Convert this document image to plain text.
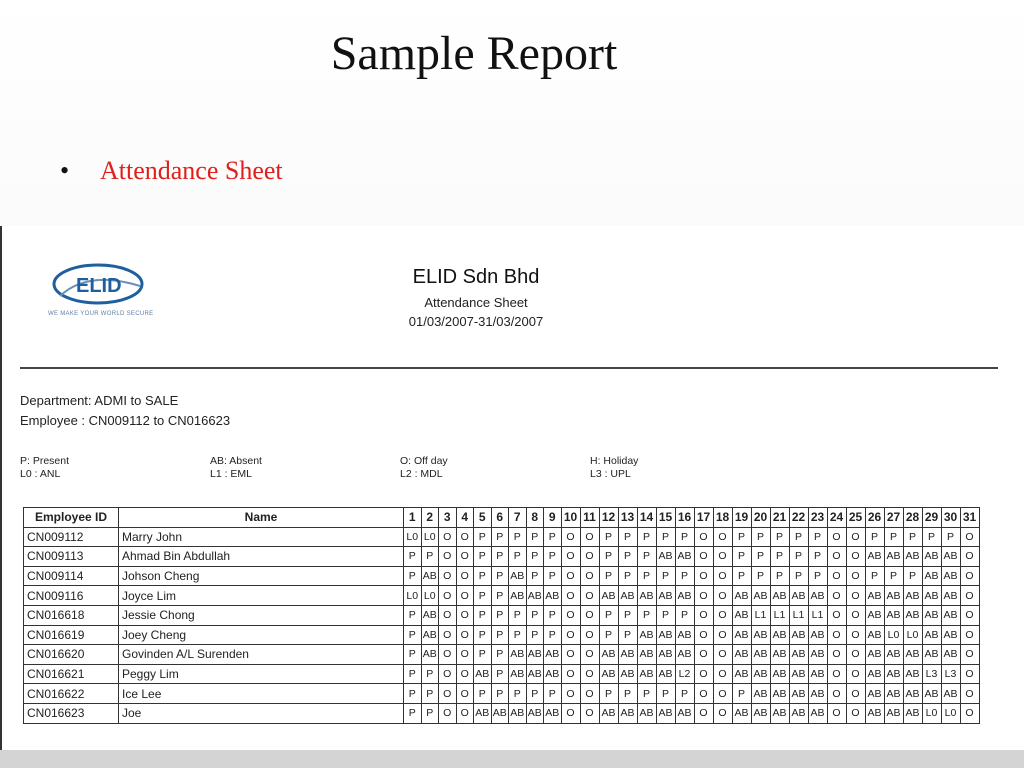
Sample Report
• Attendance Sheet
ELID
WE MAKE YOUR WORLD SECURE
ELID Sdn Bhd
Attendance Sheet
01/03/2007-31/03/2007
Department: ADMI to SALE
Employee : CN009112 to CN016623
P: Present
L0 : ANL
AB: Absent
L1 : EML
O: Off day
L2 : MDL
H: Holiday
L3 : UPL
Employee ID	Name	1	2	3	4	5	6	7	8	9	10	11	12	13	14	15	16	17	18	19	20	21	22	23	24	25	26	27	28	29	30	31
CN009112	Marry John	L0	L0	O	O	P	P	P	P	P	O	O	P	P	P	P	P	O	O	P	P	P	P	P	O	O	P	P	P	P	P	O
CN009113	Ahmad Bin Abdullah	P	P	O	O	P	P	P	P	P	O	O	P	P	P	AB	AB	O	O	P	P	P	P	P	O	O	AB	AB	AB	AB	AB	O
CN009114	Johson Cheng	P	AB	O	O	P	P	AB	P	P	O	O	P	P	P	P	P	O	O	P	P	P	P	P	O	O	P	P	P	AB	AB	O
CN009116	Joyce Lim	L0	L0	O	O	P	P	AB	AB	AB	O	O	AB	AB	AB	AB	AB	O	O	AB	AB	AB	AB	AB	O	O	AB	AB	AB	AB	AB	O
CN016618	Jessie Chong	P	AB	O	O	P	P	P	P	P	O	O	P	P	P	P	P	O	O	AB	L1	L1	L1	L1	O	O	AB	AB	AB	AB	AB	O
CN016619	Joey Cheng	P	AB	O	O	P	P	P	P	P	O	O	P	P	AB	AB	AB	O	O	AB	AB	AB	AB	AB	O	O	AB	L0	L0	AB	AB	O
CN016620	Govinden A/L Surenden	P	AB	O	O	P	P	AB	AB	AB	O	O	AB	AB	AB	AB	AB	O	O	AB	AB	AB	AB	AB	O	O	AB	AB	AB	AB	AB	O
CN016621	Peggy Lim	P	P	O	O	AB	P	AB	AB	AB	O	O	AB	AB	AB	AB	L2	O	O	AB	AB	AB	AB	AB	O	O	AB	AB	AB	L3	L3	O
CN016622	Ice Lee	P	P	O	O	P	P	P	P	P	O	O	P	P	P	P	P	O	O	P	AB	AB	AB	AB	O	O	AB	AB	AB	AB	AB	O
CN016623	Joe	P	P	O	O	AB	AB	AB	AB	AB	O	O	AB	AB	AB	AB	AB	O	O	AB	AB	AB	AB	AB	O	O	AB	AB	AB	L0	L0	O
